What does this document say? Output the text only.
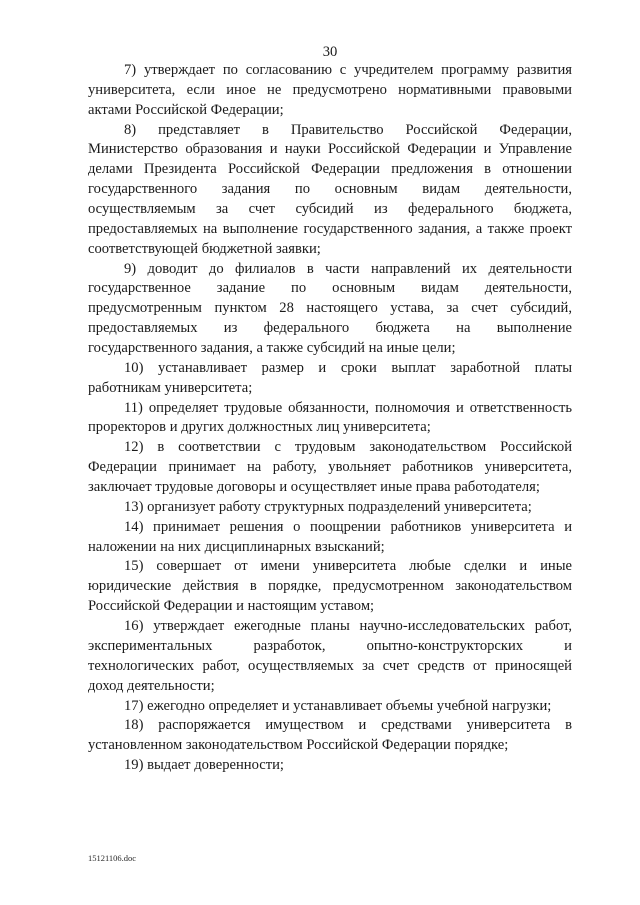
30
7) утверждает по согласованию с учредителем программу развития
университета, если иное не предусмотрено нормативными правовыми
актами Российской Федерации;
8) представляет в Правительство Российской Федерации,
Министерство образования и науки Российской Федерации и Управление
делами Президента Российской Федерации предложения в отношении
государственного задания по основным видам деятельности,
осуществляемым за счет субсидий из федерального бюджета,
предоставляемых на выполнение государственного задания, а также проект
соответствующей бюджетной заявки;
9) доводит до филиалов в части направлений их деятельности
государственное задание по основным видам деятельности,
предусмотренным пунктом 28 настоящего устава, за счет субсидий,
предоставляемых из федерального бюджета на выполнение
государственного задания, а также субсидий на иные цели;
10) устанавливает размер и сроки выплат заработной платы
работникам университета;
11) определяет трудовые обязанности, полномочия и ответственность
проректоров и других должностных лиц университета;
12) в соответствии с трудовым законодательством Российской
Федерации принимает на работу, увольняет работников университета,
заключает трудовые договоры и осуществляет иные права работодателя;
13) организует работу структурных подразделений университета;
14) принимает решения о поощрении работников университета и
наложении на них дисциплинарных взысканий;
15) совершает от имени университета любые сделки и иные
юридические действия в порядке, предусмотренном законодательством
Российской Федерации и настоящим уставом;
16) утверждает ежегодные планы научно-исследовательских работ,
экспериментальных разработок, опытно-конструкторских и
технологических работ, осуществляемых за счет средств от приносящей
доход деятельности;
17) ежегодно определяет и устанавливает объемы учебной нагрузки;
18) распоряжается имуществом и средствами университета в
установленном законодательством Российской Федерации порядке;
19) выдает доверенности;
15121106.doc
